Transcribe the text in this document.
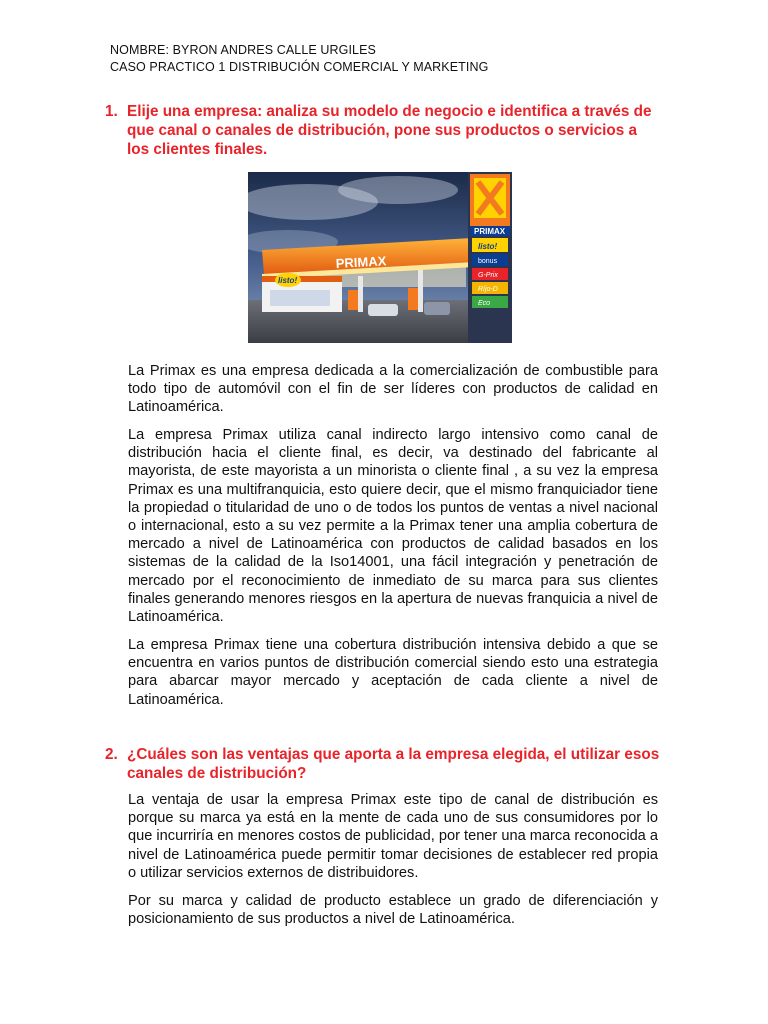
NOMBRE: BYRON ANDRES CALLE URGILES
CASO PRACTICO 1 DISTRIBUCIÓN COMERCIAL Y MARKETING
1. Elije una empresa: analiza su modelo de negocio e identifica a través de
que canal o canales de distribución, pone sus productos o servicios a
los clientes finales.
PRIMAX
listo!
PRIMAX
listo!
bonus
G-Prix
Ríjo-D
Eco
La Primax es una empresa dedicada a la comercialización de combustible para todo tipo de automóvil con el fin de ser líderes con productos de calidad en Latinoamérica.
La empresa Primax utiliza canal indirecto largo intensivo como canal de distribución hacia el cliente final, es decir, va destinado del fabricante al mayorista, de este mayorista a un minorista o cliente final , a su vez la empresa Primax es una multifranquicia, esto quiere decir, que el mismo franquiciador tiene la propiedad o titularidad de uno o de todos los puntos de ventas a nivel nacional o internacional, esto a su vez permite a la Primax tener una amplia cobertura de mercado a nivel de Latinoamérica con productos de calidad basados en los sistemas de la calidad de la Iso14001, una fácil integración y penetración de mercado por el reconocimiento de inmediato de su marca para sus clientes finales generando menores riesgos en la apertura de nuevas franquicia a nivel de Latinoamérica.
La empresa Primax tiene una cobertura distribución intensiva debido a que se encuentra en varios puntos de distribución comercial siendo esto una estrategia para abarcar mayor mercado y aceptación de cada cliente a nivel de Latinoamérica.
2. ¿Cuáles son las ventajas que aporta a la empresa elegida, el utilizar esos
canales de distribución?
La ventaja de usar la empresa Primax este tipo de canal de distribución es porque su marca ya está en la mente de cada uno de sus consumidores por lo que incurriría en menores costos de publicidad, por tener una marca reconocida a nivel de Latinoamérica puede permitir tomar decisiones de establecer red propia o utilizar servicios externos de distribuidores.
Por su marca y calidad de producto establece un grado de diferenciación y posicionamiento de sus productos a nivel de Latinoamérica.
